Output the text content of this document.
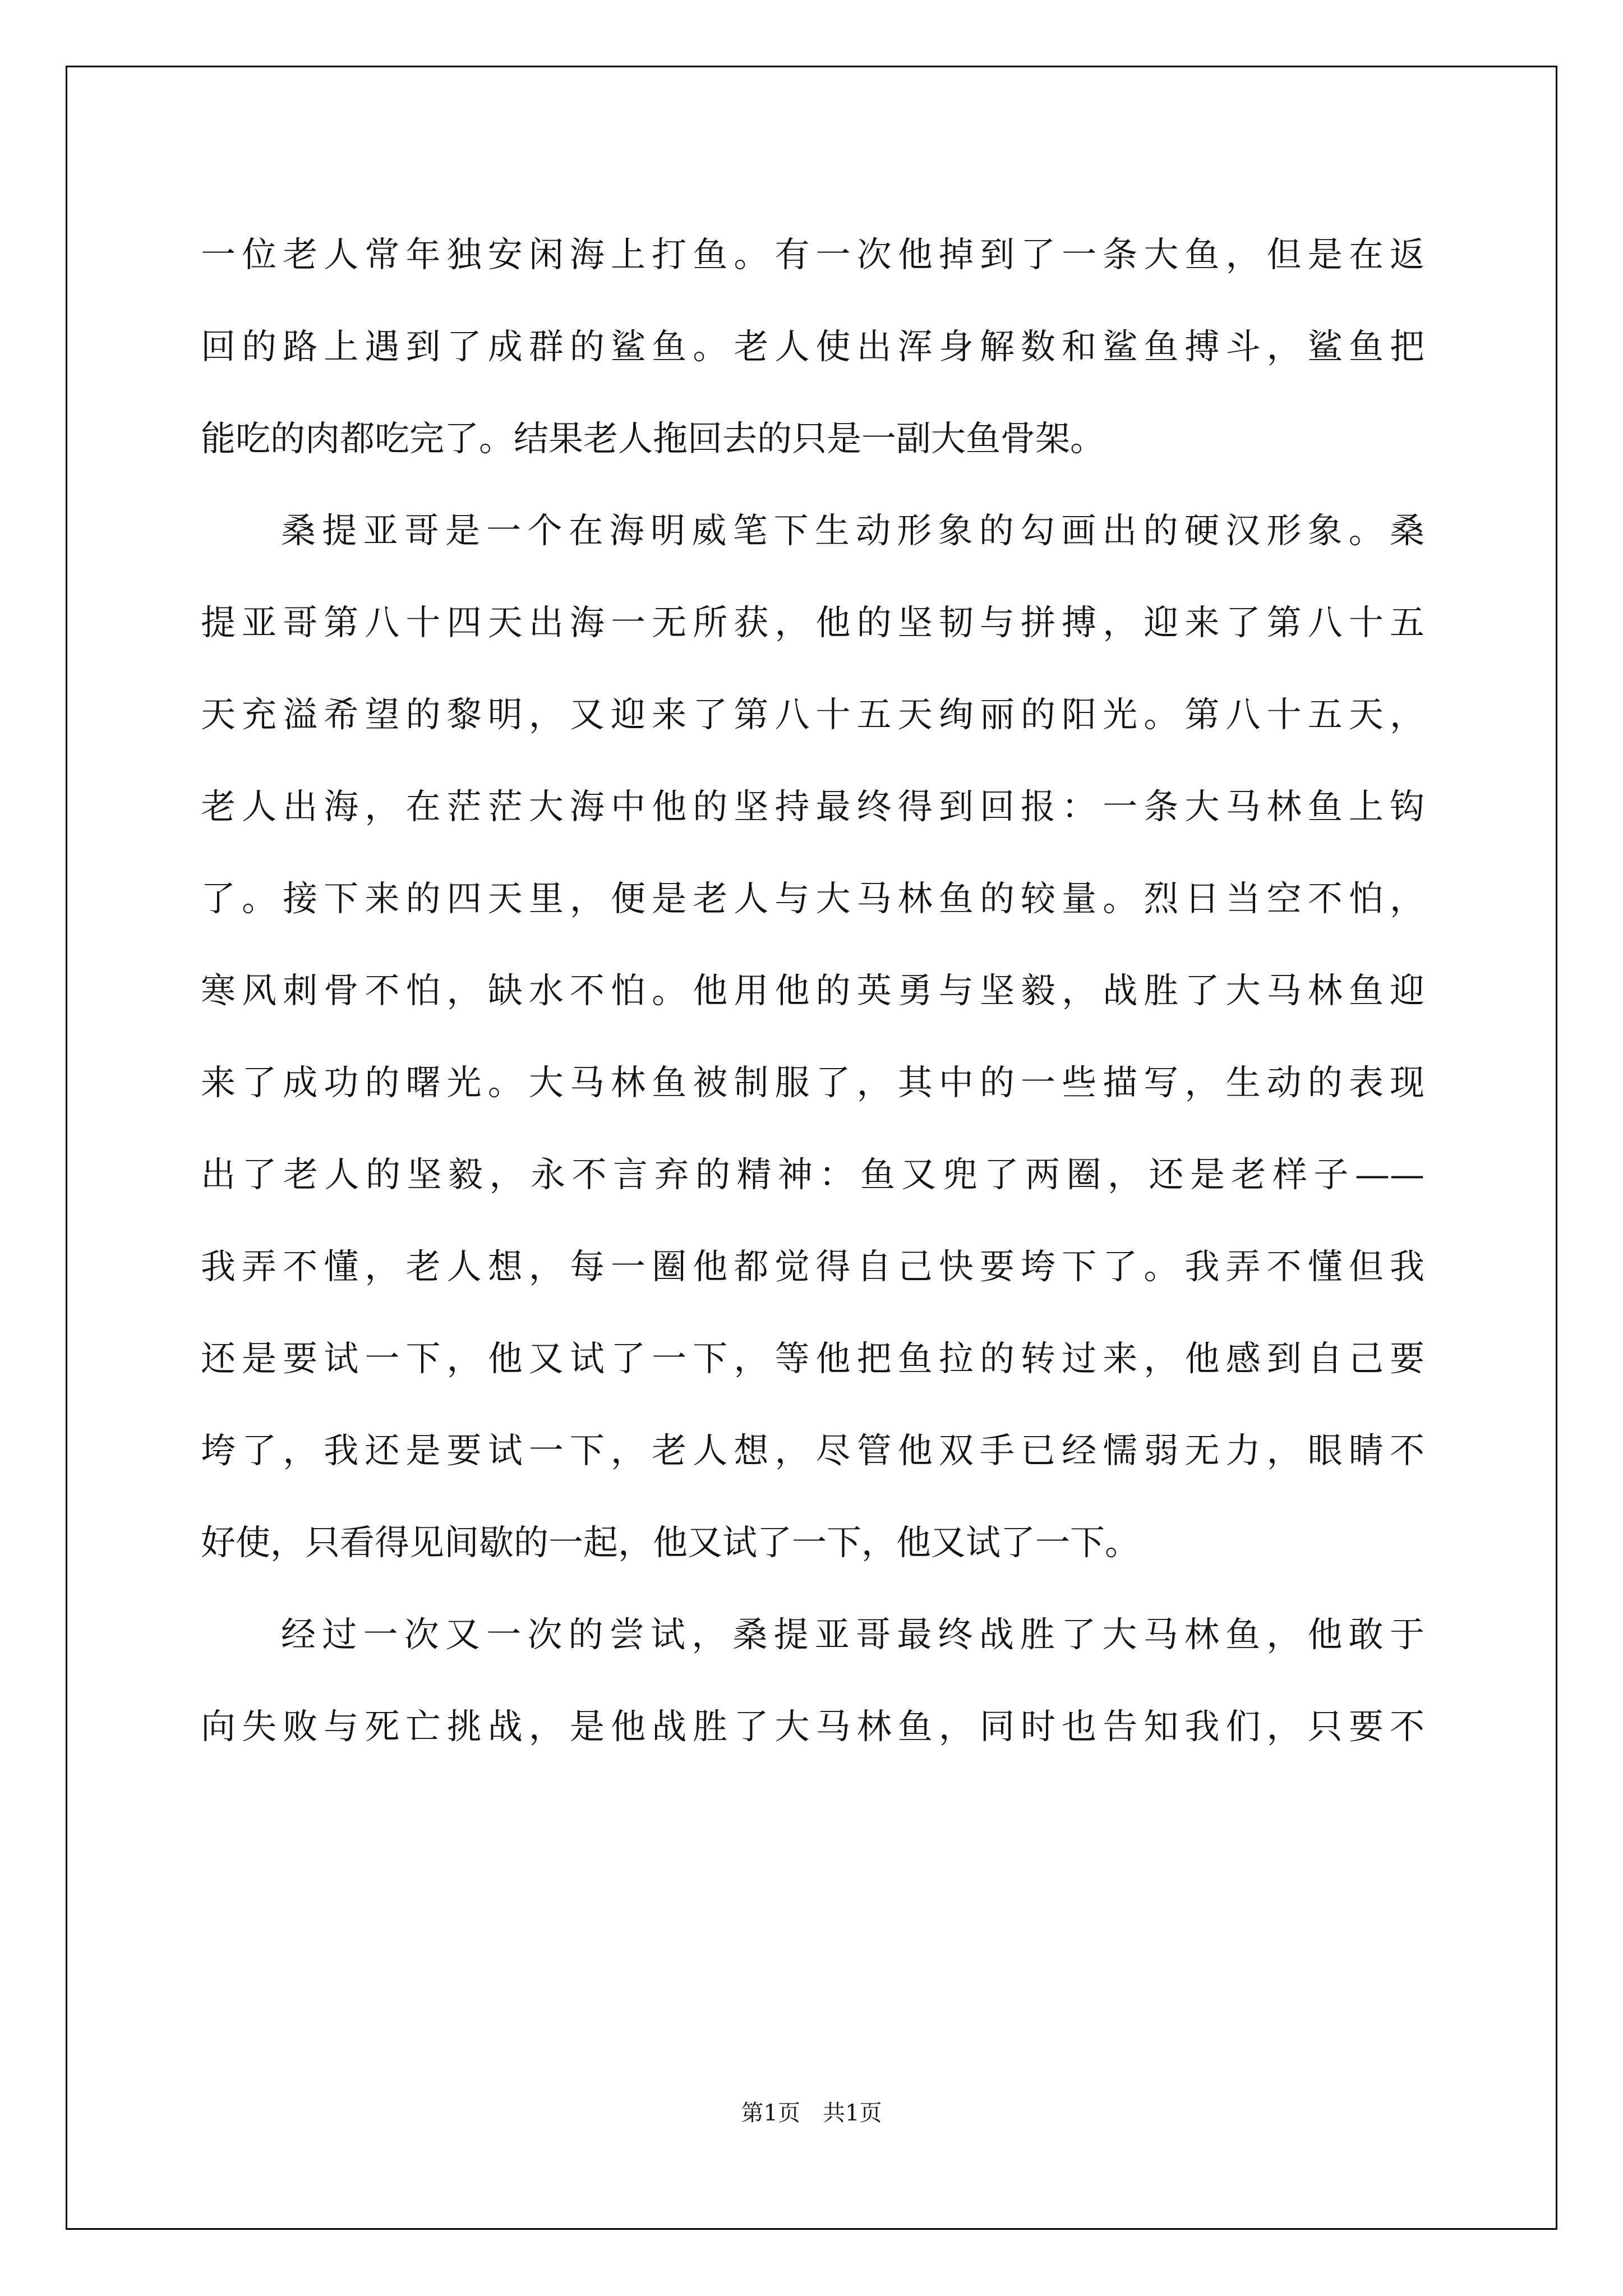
一位老人常年独安闲海上打鱼。有一次他掉到了一条大鱼，但是在返
回的路上遇到了成群的鲨鱼。老人使出浑身解数和鲨鱼搏斗，鲨鱼把
能吃的肉都吃完了。结果老人拖回去的只是一副大鱼骨架。
桑提亚哥是一个在海明威笔下生动形象的勾画出的硬汉形象。桑
提亚哥第八十四天出海一无所获，他的坚韧与拼搏，迎来了第八十五
天充溢希望的黎明，又迎来了第八十五天绚丽的阳光。第八十五天，
老人出海，在茫茫大海中他的坚持最终得到回报：一条大马林鱼上钩
了。接下来的四天里，便是老人与大马林鱼的较量。烈日当空不怕，
寒风刺骨不怕，缺水不怕。他用他的英勇与坚毅，战胜了大马林鱼迎
来了成功的曙光。大马林鱼被制服了，其中的一些描写，生动的表现
出了老人的坚毅，永不言弃的精神：鱼又兜了两圈，还是老样子——
我弄不懂，老人想，每一圈他都觉得自己快要垮下了。我弄不懂但我
还是要试一下，他又试了一下，等他把鱼拉的转过来，他感到自己要
垮了，我还是要试一下，老人想，尽管他双手已经懦弱无力，眼睛不
好使，只看得见间歇的一起，他又试了一下，他又试了一下。
经过一次又一次的尝试，桑提亚哥最终战胜了大马林鱼，他敢于
向失败与死亡挑战，是他战胜了大马林鱼，同时也告知我们，只要不
第1页　共1页
